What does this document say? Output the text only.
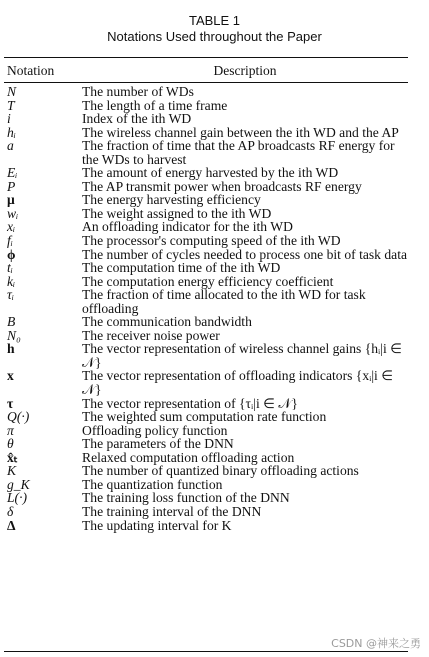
TABLE 1
Notations Used throughout the Paper
Notation	Description
N	The number of WDs
T	The length of a time frame
i	Index of the ith WD
hᵢ	The wireless channel gain between the ith WD and the AP
a	The fraction of time that the AP broadcasts RF energy for the WDs to harvest
Eᵢ	The amount of energy harvested by the ith WD
P	The AP transmit power when broadcasts RF energy
μ	The energy harvesting efficiency
wᵢ	The weight assigned to the ith WD
xᵢ	An offloading indicator for the ith WD
fᵢ	The processor's computing speed of the ith WD
ϕ	The number of cycles needed to process one bit of task data
tᵢ	The computation time of the ith WD
kᵢ	The computation energy efficiency coefficient
τᵢ	The fraction of time allocated to the ith WD for task offloading
B	The communication bandwidth
N₀	The receiver noise power
h	The vector representation of wireless channel gains {hᵢ|i ∈ 𝒩}
x	The vector representation of offloading indicators {xᵢ|i ∈ 𝒩}
τ	The vector representation of {τᵢ|i ∈ 𝒩}
Q(·)	The weighted sum computation rate function
π	Offloading policy function
θ	The parameters of the DNN
x̂ₜ	Relaxed computation offloading action
K	The number of quantized binary offloading actions
g_K	The quantization function
L(·)	The training loss function of the DNN
δ	The training interval of the DNN
Δ	The updating interval for K
CSDN @神来之勇
